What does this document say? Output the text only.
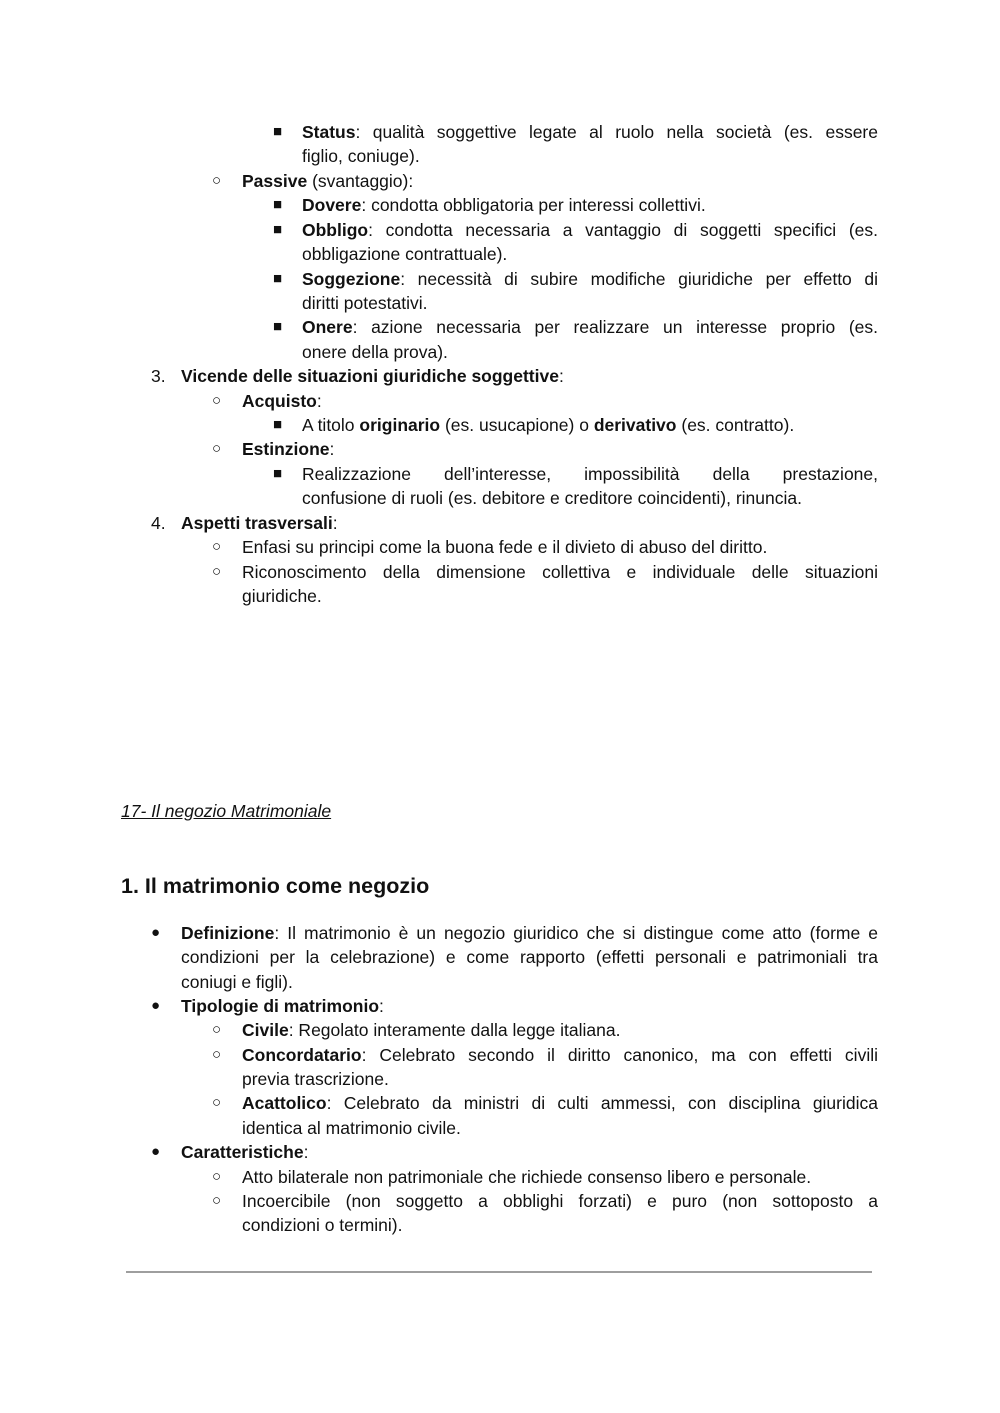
■ Status: qualità soggettive legate al ruolo nella società (es. essere
figlio, coniuge).
○ Passive (svantaggio):
■ Dovere: condotta obbligatoria per interessi collettivi.
■ Obbligo: condotta necessaria a vantaggio di soggetti specifici (es.
obbligazione contrattuale).
■ Soggezione: necessità di subire modifiche giuridiche per effetto di
diritti potestativi.
■ Onere: azione necessaria per realizzare un interesse proprio (es.
onere della prova).
3. Vicende delle situazioni giuridiche soggettive:
○ Acquisto:
■ A titolo originario (es. usucapione) o derivativo (es. contratto).
○ Estinzione:
■ Realizzazione dell’interesse, impossibilità della prestazione,
confusione di ruoli (es. debitore e creditore coincidenti), rinuncia.
4. Aspetti trasversali:
○ Enfasi su principi come la buona fede e il divieto di abuso del diritto.
○ Riconoscimento della dimensione collettiva e individuale delle situazioni
giuridiche.
17- Il negozio Matrimoniale
1. Il matrimonio come negozio
● Definizione: Il matrimonio è un negozio giuridico che si distingue come atto (forme e
condizioni per la celebrazione) e come rapporto (effetti personali e patrimoniali tra
coniugi e figli).
● Tipologie di matrimonio:
○ Civile: Regolato interamente dalla legge italiana.
○ Concordatario: Celebrato secondo il diritto canonico, ma con effetti civili
previa trascrizione.
○ Acattolico: Celebrato da ministri di culti ammessi, con disciplina giuridica
identica al matrimonio civile.
● Caratteristiche:
○ Atto bilaterale non patrimoniale che richiede consenso libero e personale.
○ Incoercibile (non soggetto a obblighi forzati) e puro (non sottoposto a
condizioni o termini).
